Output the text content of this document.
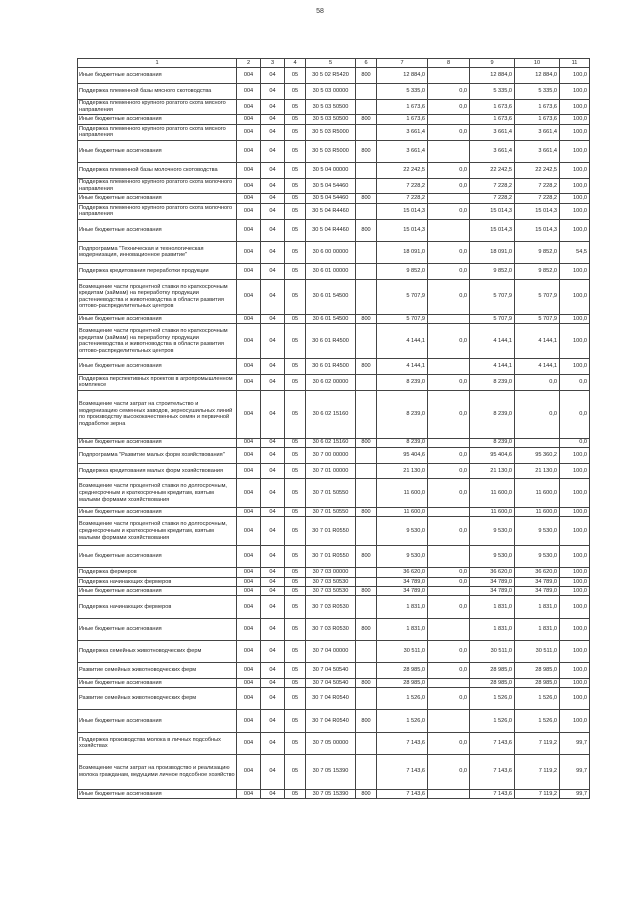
58
1	2	3	4	5	6	7	8	9	10	11
Иные бюджетные ассигнования	004	04	05	30 5 02 R5420	800	12 884,0		12 884,0	12 884,0	100,0
Поддержка племенной базы мясного скотоводства	004	04	05	30 5 03 00000		5 335,0	0,0	5 335,0	5 335,0	100,0
Поддержка племенного крупного рогатого скота мясного направления	004	04	05	30 5 03 50500		1 673,6	0,0	1 673,6	1 673,6	100,0
Иные бюджетные ассигнования	004	04	05	30 5 03 50500	800	1 673,6		1 673,6	1 673,6	100,0
Поддержка племенного крупного рогатого скота мясного направления	004	04	05	30 5 03 R5000		3 661,4	0,0	3 661,4	3 661,4	100,0
Иные бюджетные ассигнования	004	04	05	30 5 03 R5000	800	3 661,4		3 661,4	3 661,4	100,0
Поддержка племенной базы молочного скотоводства	004	04	05	30 5 04 00000		22 242,5	0,0	22 242,5	22 242,5	100,0
Поддержка племенного крупного рогатого скота молочного направления	004	04	05	30 5 04 54460		7 228,2	0,0	7 228,2	7 228,2	100,0
Иные бюджетные ассигнования	004	04	05	30 5 04 54460	800	7 228,2		7 228,2	7 228,2	100,0
Поддержка племенного крупного рогатого скота молочного направления	004	04	05	30 5 04 R4460		15 014,3	0,0	15 014,3	15 014,3	100,0
Иные бюджетные ассигнования	004	04	05	30 5 04 R4460	800	15 014,3		15 014,3	15 014,3	100,0
Подпрограмма "Техническая и технологическая модернизация, инновационное развитие"	004	04	05	30 6 00 00000		18 091,0	0,0	18 091,0	9 852,0	54,5
Поддержка кредитования переработки продукции	004	04	05	30 6 01 00000		9 852,0	0,0	9 852,0	9 852,0	100,0
Возмещение части процентной ставки по краткосрочным кредитам (займам) на переработку продукции растениеводства и животноводства в области развития оптово-распределительных центров	004	04	05	30 6 01 54500		5 707,9	0,0	5 707,9	5 707,9	100,0
Иные бюджетные ассигнования	004	04	05	30 6 01 54500	800	5 707,9		5 707,9	5 707,9	100,0
Возмещение части процентной ставки по краткосрочным кредитам (займам) на переработку продукции растениеводства и животноводства в области развития оптово-распределительных центров	004	04	05	30 6 01 R4500		4 144,1	0,0	4 144,1	4 144,1	100,0
Иные бюджетные ассигнования	004	04	05	30 6 01 R4500	800	4 144,1		4 144,1	4 144,1	100,0
Поддержка перспективных проектов в агропромышленном комплексе	004	04	05	30 6 02 00000		8 239,0	0,0	8 239,0	0,0	0,0
Возмещение части затрат на строительство и модернизацию семенных заводов, зерносушильных линий по производству высококачественных семян и первичной подработке зерна	004	04	05	30 6 02 15160		8 239,0	0,0	8 239,0	0,0	0,0
Иные бюджетные ассигнования	004	04	05	30 6 02 15160	800	8 239,0		8 239,0		0,0
Подпрограмма "Развитие малых форм хозяйствования"	004	04	05	30 7 00 00000		95 404,6	0,0	95 404,6	95 360,2	100,0
Поддержка кредитования малых форм хозяйствования	004	04	05	30 7 01 00000		21 130,0	0,0	21 130,0	21 130,0	100,0
Возмещение части процентной ставки по долгосрочным, среднесрочным и краткосрочным кредитам, взятым малыми формами хозяйствования	004	04	05	30 7 01 50550		11 600,0	0,0	11 600,0	11 600,0	100,0
Иные бюджетные ассигнования	004	04	05	30 7 01 50550	800	11 600,0		11 600,0	11 600,0	100,0
Возмещение части процентной ставки по долгосрочным, среднесрочным и краткосрочным кредитам, взятым малыми формами хозяйствования	004	04	05	30 7 01 R0550		9 530,0	0,0	9 530,0	9 530,0	100,0
Иные бюджетные ассигнования	004	04	05	30 7 01 R0550	800	9 530,0		9 530,0	9 530,0	100,0
Поддержка фермеров	004	04	05	30 7 03 00000		36 620,0	0,0	36 620,0	36 620,0	100,0
Поддержка начинающих фермеров	004	04	05	30 7 03 50530		34 789,0	0,0	34 789,0	34 789,0	100,0
Иные бюджетные ассигнования	004	04	05	30 7 03 50530	800	34 789,0		34 789,0	34 789,0	100,0
Поддержка начинающих фермеров	004	04	05	30 7 03 R0530		1 831,0	0,0	1 831,0	1 831,0	100,0
Иные бюджетные ассигнования	004	04	05	30 7 03 R0530	800	1 831,0		1 831,0	1 831,0	100,0
Поддержка семейных животноводческих ферм	004	04	05	30 7 04 00000		30 511,0	0,0	30 511,0	30 511,0	100,0
Развитие семейных животноводческих ферм	004	04	05	30 7 04 50540		28 985,0	0,0	28 985,0	28 985,0	100,0
Иные бюджетные ассигнования	004	04	05	30 7 04 50540	800	28 985,0		28 985,0	28 985,0	100,0
Развитие семейных животноводческих ферм	004	04	05	30 7 04 R0540		1 526,0	0,0	1 526,0	1 526,0	100,0
Иные бюджетные ассигнования	004	04	05	30 7 04 R0540	800	1 526,0		1 526,0	1 526,0	100,0
Поддержка производства молока в личных подсобных хозяйствах	004	04	05	30 7 05 00000		7 143,6	0,0	7 143,6	7 119,2	99,7
Возмещение части затрат на производство и реализацию молока гражданам, ведущими личное подсобное хозяйство	004	04	05	30 7 05 15390		7 143,6	0,0	7 143,6	7 119,2	99,7
Иные бюджетные ассигнования	004	04	05	30 7 05 15390	800	7 143,6		7 143,6	7 119,2	99,7
